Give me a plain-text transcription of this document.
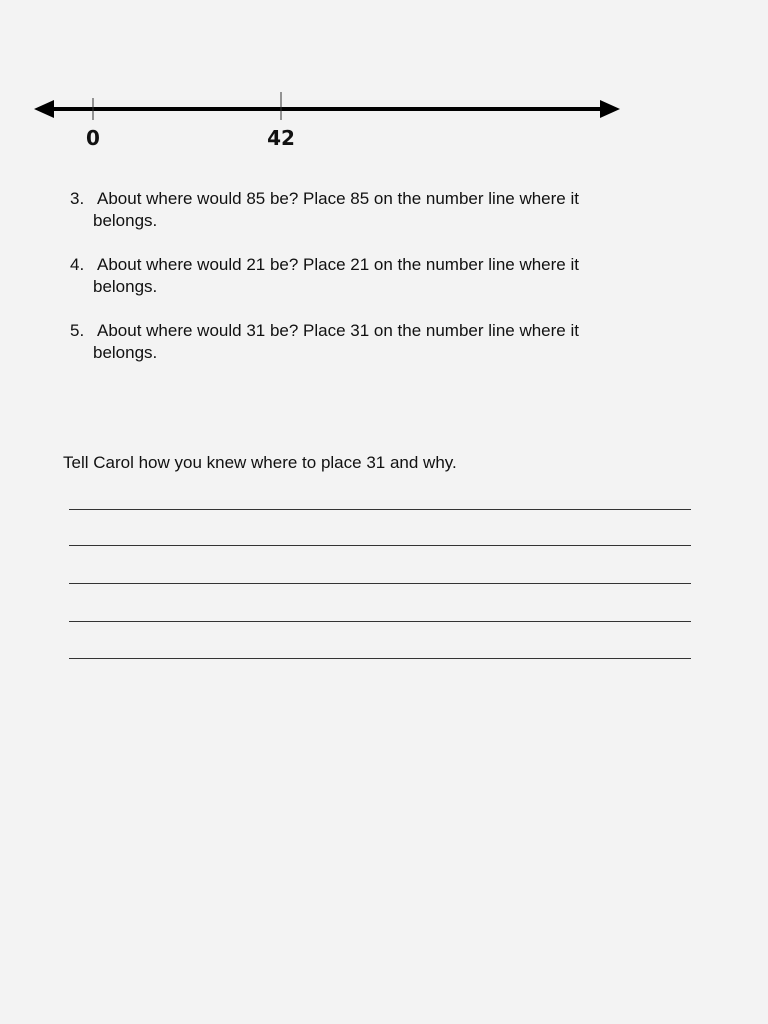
0	42
3. About where would 85 be? Place 85 on the number line where it
belongs.
4. About where would 21 be? Place 21 on the number line where it
belongs.
5. About where would 31 be? Place 31 on the number line where it
belongs.
Tell Carol how you knew where to place 31 and why.
